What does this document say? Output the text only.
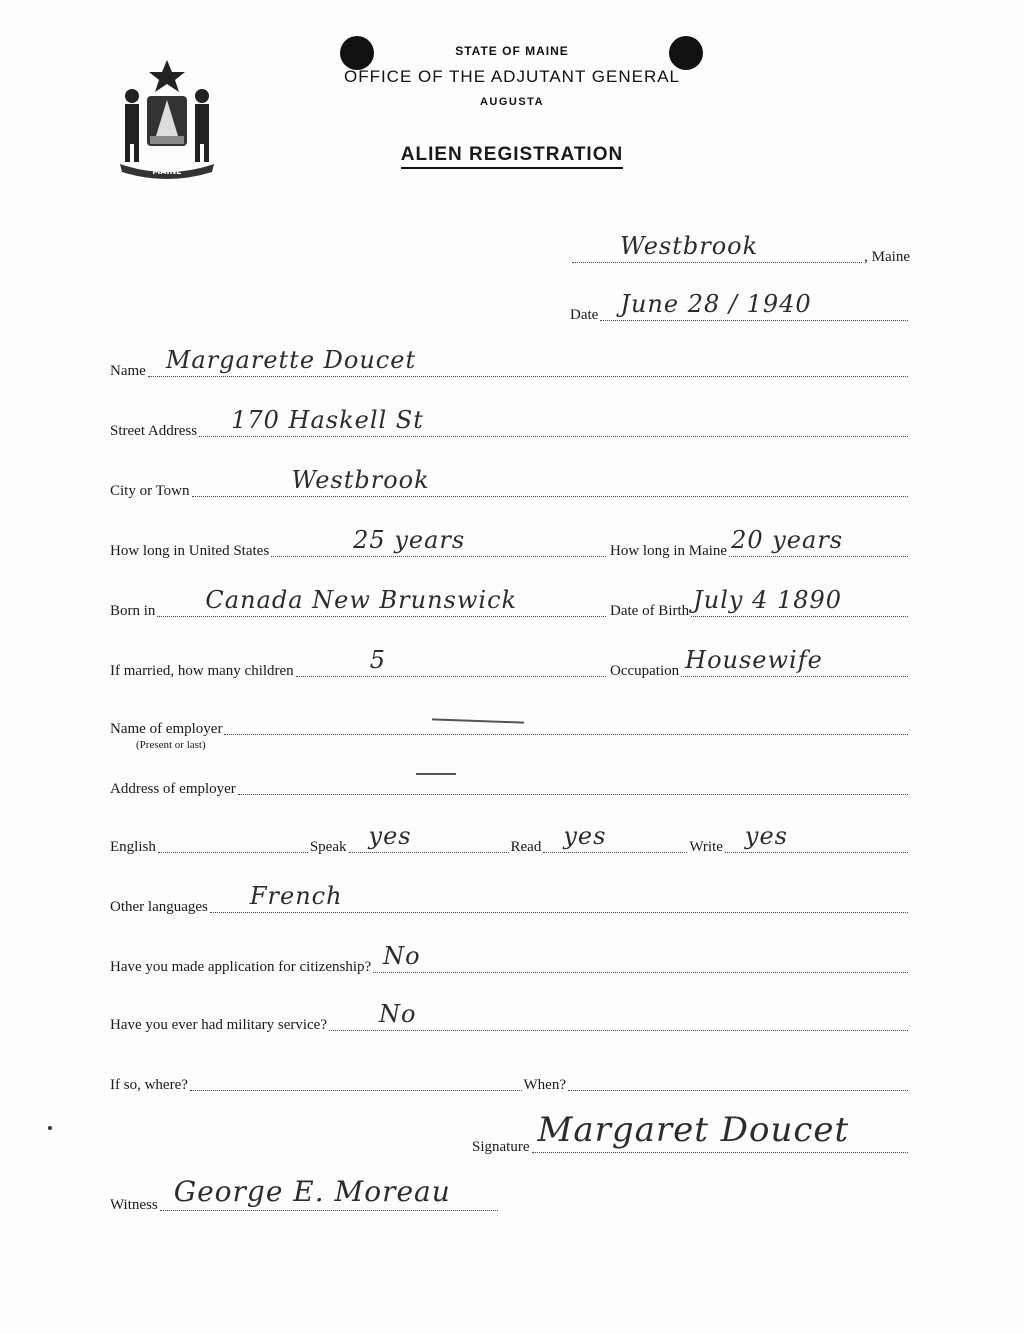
MAINE
STATE OF MAINE
OFFICE OF THE ADJUTANT GENERAL
AUGUSTA
ALIEN REGISTRATION
Westbrook	, Maine
Date June 28 / 1940
Name Margarette Doucet
Street Address 170 Haskell St
City or Town	Westbrook
How long in United States	25 years	How long in Maine 20 years
Born in Canada New Brunswick	Date of Birth July 4 1890
If married, how many children	5	Occupation Housewife
Name of employer
(Present or last)
Address of employer
English	Speak yes	Read yes	Write yes
Other languages French
Have you made application for citizenship? No
Have you ever had military service? No
If so, where?	When?
Signature Margaret Doucet
Witness George E. Moreau
